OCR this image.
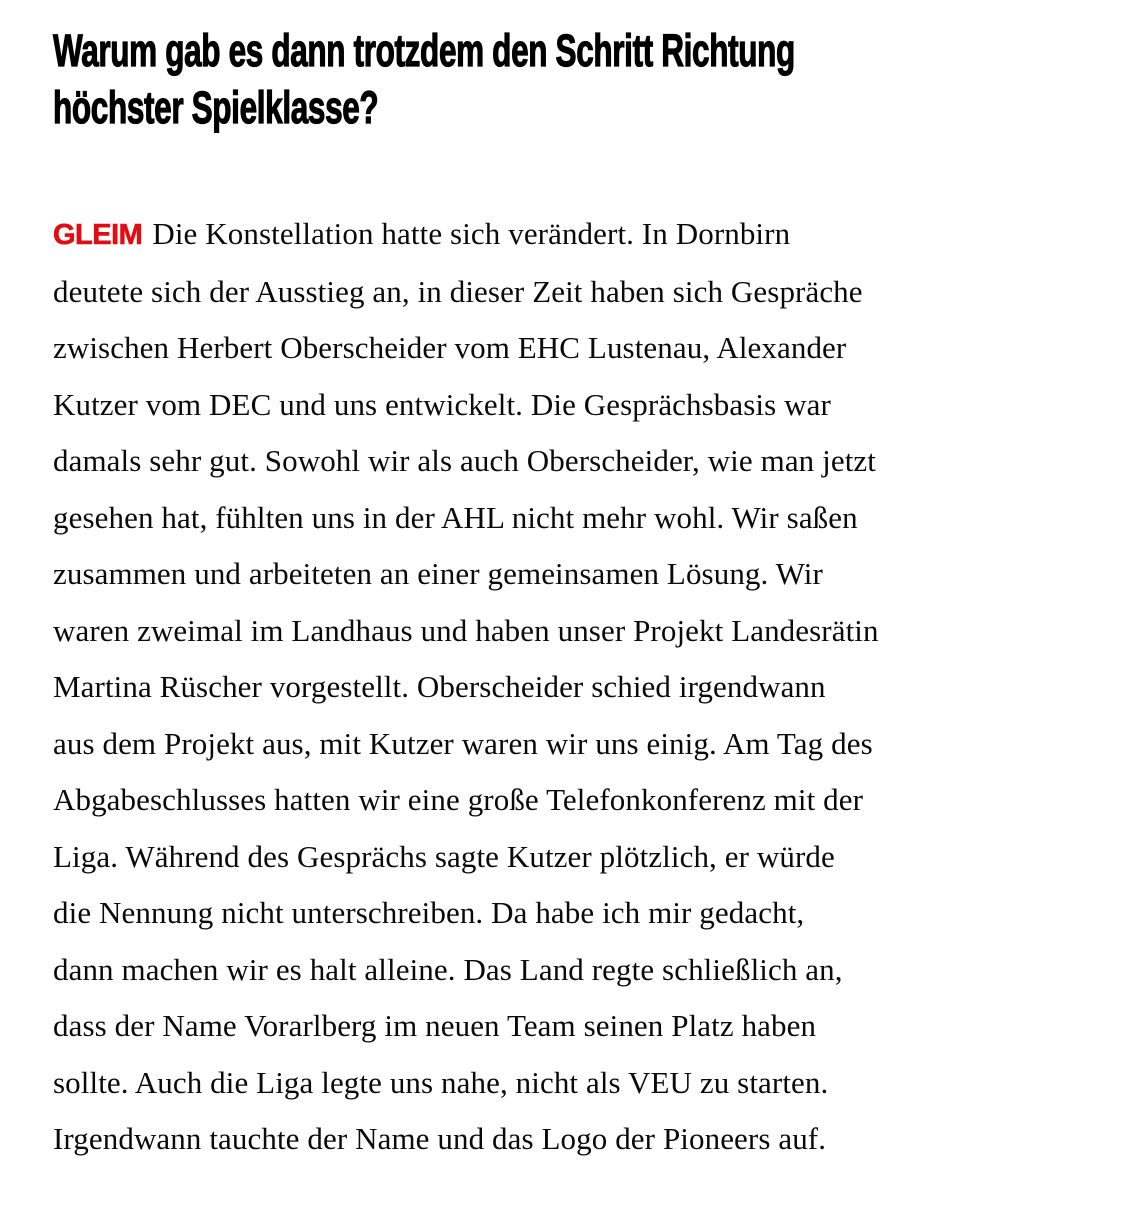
Warum gab es dann trotzdem den Schritt Richtung
höchster Spielklasse?
GLEIM Die Konstellation hatte sich verändert. In Dornbirn
deutete sich der Ausstieg an, in dieser Zeit haben sich Gespräche
zwischen Herbert Oberscheider vom EHC Lustenau, Alexander
Kutzer vom DEC und uns entwickelt. Die Gesprächsbasis war
damals sehr gut. Sowohl wir als auch Oberscheider, wie man jetzt
gesehen hat, fühlten uns in der AHL nicht mehr wohl. Wir saßen
zusammen und arbeiteten an einer gemeinsamen Lösung. Wir
waren zweimal im Landhaus und haben unser Projekt Landesrätin
Martina Rüscher vorgestellt. Oberscheider schied irgendwann
aus dem Projekt aus, mit Kutzer waren wir uns einig. Am Tag des
Abgabeschlusses hatten wir eine große Telefonkonferenz mit der
Liga. Während des Gesprächs sagte Kutzer plötzlich, er würde
die Nennung nicht unterschreiben. Da habe ich mir gedacht,
dann machen wir es halt alleine. Das Land regte schließlich an,
dass der Name Vorarlberg im neuen Team seinen Platz haben
sollte. Auch die Liga legte uns nahe, nicht als VEU zu starten.
Irgendwann tauchte der Name und das Logo der Pioneers auf.
